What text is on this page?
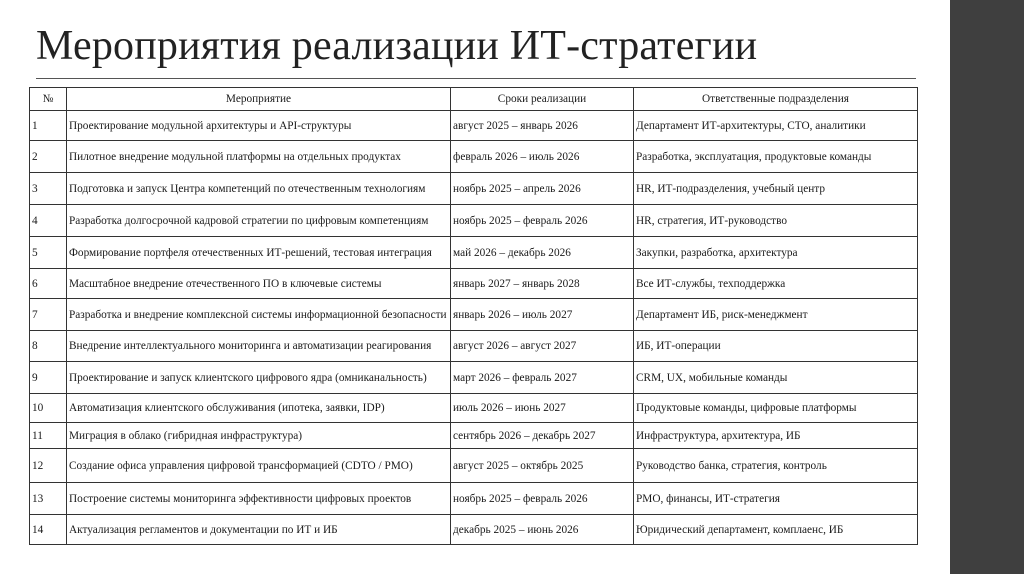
Мероприятия реализации ИТ-стратегии
№	Мероприятие	Сроки реализации	Ответственные подразделения
1	Проектирование модульной архитектуры и API-структуры	август 2025 – январь 2026	Департамент ИТ-архитектуры, CTO, аналитики
2	Пилотное внедрение модульной платформы на отдельных продуктах	февраль 2026 – июль 2026	Разработка, эксплуатация, продуктовые команды
3	Подготовка и запуск Центра компетенций по отечественным технологиям	ноябрь 2025 – апрель 2026	HR, ИТ-подразделения, учебный центр
4	Разработка долгосрочной кадровой стратегии по цифровым компетенциям	ноябрь 2025 – февраль 2026	HR, стратегия, ИТ-руководство
5	Формирование портфеля отечественных ИТ-решений, тестовая интеграция	май 2026 – декабрь 2026	Закупки, разработка, архитектура
6	Масштабное внедрение отечественного ПО в ключевые системы	январь 2027 – январь 2028	Все ИТ-службы, техподдержка
7	Разработка и внедрение комплексной системы информационной безопасности	январь 2026 – июль 2027	Департамент ИБ, риск-менеджмент
8	Внедрение интеллектуального мониторинга и автоматизации реагирования	август 2026 – август 2027	ИБ, ИТ-операции
9	Проектирование и запуск клиентского цифрового ядра (омниканальность)	март 2026 – февраль 2027	CRM, UX, мобильные команды
10	Автоматизация клиентского обслуживания (ипотека, заявки, IDP)	июль 2026 – июнь 2027	Продуктовые команды, цифровые платформы
11	Миграция в облако (гибридная инфраструктура)	сентябрь 2026 – декабрь 2027	Инфраструктура, архитектура, ИБ
12	Создание офиса управления цифровой трансформацией (CDTO / PMO)	август 2025 – октябрь 2025	Руководство банка, стратегия, контроль
13	Построение системы мониторинга эффективности цифровых проектов	ноябрь 2025 – февраль 2026	PMO, финансы, ИТ-стратегия
14	Актуализация регламентов и документации по ИТ и ИБ	декабрь 2025 – июнь 2026	Юридический департамент, комплаенс, ИБ
